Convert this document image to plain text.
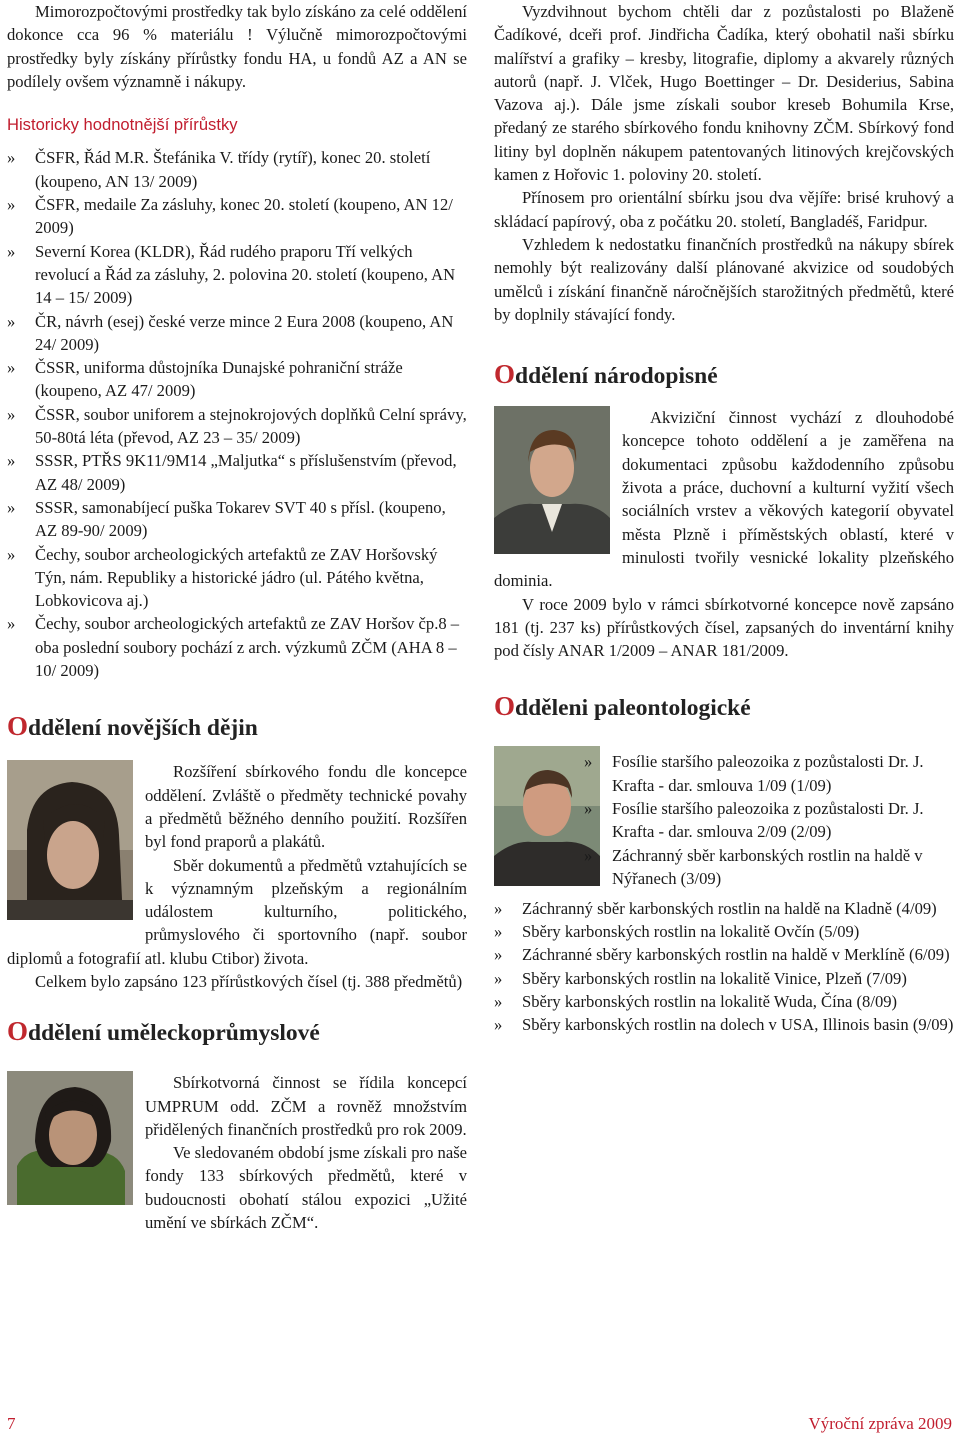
Mimorozpočtovými prostředky tak bylo získáno za celé oddělení dokonce cca 96 % materiálu ! Výlučně mimorozpočtovými prostředky byly získány přírůstky fondu HA, u fondů AZ a AN se podílely ovšem významně i nákupy.

Historicky hodnotnější přírůstky

» ČSFR, Řád M.R. Štefánika V. třídy (rytíř), konec 20. století (koupeno, AN 13/ 2009)

» ČSFR, medaile Za zásluhy, konec 20. století (koupeno, AN 12/ 2009)

» Severní Korea (KLDR), Řád rudého praporu Tří velkých revolucí a Řád za zásluhy, 2. polovina 20. století (koupeno, AN 14 – 15/ 2009)

» ČR, návrh (esej) české verze mince 2 Eura 2008 (koupeno, AN 24/ 2009)

» ČSSR, uniforma důstojníka Dunajské pohraniční stráže (koupeno, AZ 47/ 2009)

» ČSSR, soubor uniforem a stejnokrojových doplňků Celní správy, 50-80tá léta (převod, AZ 23 – 35/ 2009)

» SSSR, PTŘS 9K11/9M14 „Maljutka“ s příslušenstvím (převod, AZ 48/ 2009)

» SSSR, samonabíjecí puška Tokarev SVT 40 s přísl. (koupeno, AZ 89-90/ 2009)

» Čechy, soubor archeologických artefaktů ze ZAV Horšovský Týn, nám. Republiky a historické jádro (ul. Pátého května, Lobkovicova aj.)

» Čechy, soubor archeologických artefaktů ze ZAV Horšov čp.8 – oba poslední soubory pochází z arch. výzkumů ZČM (AHA 8 – 10/ 2009)

Oddělení novějších dějin

Rozšíření sbírkového fondu dle koncepce oddělení. Zvláště o předměty technické povahy a předmětů běžného denního použití. Rozšířen byl fond praporů a plakátů.

Sběr dokumentů a předmětů vztahujících se k významným plzeňským a regionálním událostem kulturního, politického, průmyslového či sportovního (např. soubor diplomů a fotografií atl. klubu Ctibor) života.

Celkem bylo zapsáno 123 přírůstkových čísel (tj. 388 předmětů)

Oddělení uměleckoprůmyslové

Sbírkotvorná činnost se řídila koncepcí UMPRUM odd. ZČM a rovněž množstvím přidělených finančních prostředků pro rok 2009.

Ve sledovaném období jsme získali pro naše fondy 133 sbírkových předmětů, které v budoucnosti obohatí stálou expozici „Užité umění ve sbírkách ZČM“.

Vyzdvihnout bychom chtěli dar z pozůstalosti po Blaženě Čadíkové, dceři prof. Jindřicha Čadíka, který obohatil naši sbírku malířství a grafiky – kresby, litografie, diplomy a akvarely různých autorů (např. J. Vlček, Hugo Boettinger – Dr. Desiderius, Sabina Vazova aj.). Dále jsme získali soubor kreseb Bohumila Krse, předaný ze starého sbírkového fondu knihovny ZČM. Sbírkový fond litiny byl doplněn nákupem patentovaných litinových krejčovských kamen z Hořovic 1. poloviny 20. století.

Přínosem pro orientální sbírku jsou dva vějíře: brisé kruhový a skládací papírový, oba z počátku 20. století, Bangladéš, Faridpur.

Vzhledem k nedostatku finančních prostředků na nákupy sbírek nemohly být realizovány další plánované akvizice od soudobých umělců i získání finančně náročnějších starožitných předmětů, které by doplnily stávající fondy.

Oddělení národopisné

Akviziční činnost vychází z dlouhodobé koncepce tohoto oddělení a je zaměřena na dokumentaci způsobu každodenního způsobu života a práce, duchovní a kulturní vyžití všech sociálních vrstev a věkových kategorií obyvatel města Plzně i příměstských oblastí, které v minulosti tvořily vesnické lokality plzeňského dominia.

V roce 2009 bylo v rámci sbírkotvorné koncepce nově zapsáno 181 (tj. 237 ks) přírůstkových čísel, zapsaných do inventární knihy pod čísly ANAR 1/2009 – ANAR 181/2009.

Odděleni paleontologické

» Fosílie staršího paleozoika z pozůstalosti Dr. J. Krafta - dar. smlouva 1/09 (1/09)

» Fosílie staršího paleozoika z pozůstalosti Dr. J. Krafta - dar. smlouva 2/09 (2/09)

» Záchranný sběr karbonských rostlin na haldě v Nýřanech (3/09)

» Záchranný sběr karbonských rostlin na haldě na Kladně (4/09)

» Sběry karbonských rostlin na lokalitě Ovčín (5/09)

» Záchranné sběry karbonských rostlin na haldě v Merklíně (6/09)

» Sběry karbonských rostlin na lokalitě Vinice, Plzeň (7/09)

» Sběry karbonských rostlin na lokalitě Wuda, Čína (8/09)

» Sběry karbonských rostlin na dolech v USA, Illinois basin (9/09)

7	Výroční zpráva 2009
